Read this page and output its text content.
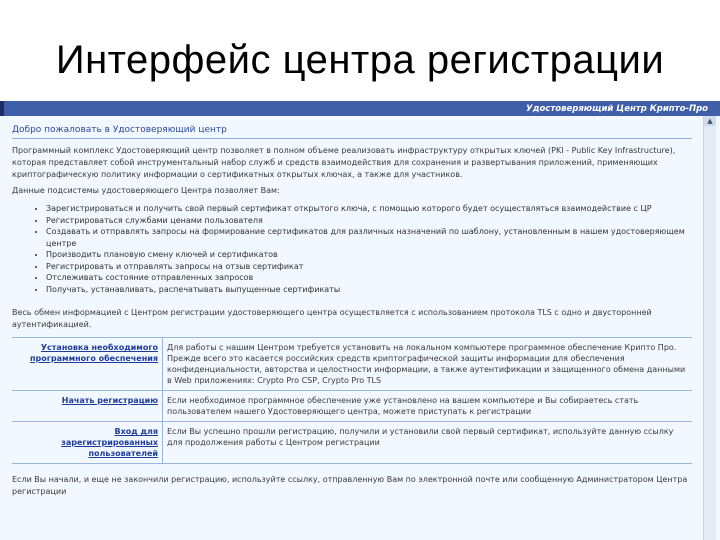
Интерфейс центра регистрации
Удостоверяющий Центр Крипто-Про
Добро пожаловать в Удостоверяющий центр

Программный комплекс Удостоверяющий центр позволяет в полном объеме реализовать инфраструктуру открытых ключей (PKI - Public Key Infrastructure), которая представляет собой инструментальный набор служб и средств взаимодействия для сохранения и развертывания приложений, применяющих криптографическую политику информации о сертификатных открытых ключах, а также для участников.

Данные подсистемы удостоверяющего Центра позволяет Вам:

• Зарегистрироваться и получить свой первый сертификат открытого ключа, с помощью которого будет осуществляться взаимодействие с ЦР
• Регистрироваться службами ценами пользователя
• Создавать и отправлять запросы на формирование сертификатов для различных назначений по шаблону, установленным в нашем удостоверяющем центре
• Производить плановую смену ключей и сертификатов
• Регистрировать и отправлять запросы на отзыв сертификат
• Отслеживать состояние отправленных запросов
• Получать, устанавливать, распечатывать выпущенные сертификаты

Весь обмен информацией с Центром регистрации удостоверяющего центра осуществляется с использованием протокола TLS с одно и двусторонней аутентификацией.

Установка необходимого программного обеспечения	Для работы с нашим Центром требуется установить на локальном компьютере программное обеспечение Крипто Про. Прежде всего это касается российских средств криптографической защиты информации для обеспечения конфиденциальности, авторства и целостности информации, а также аутентификации и защищенного обмена данными в Web приложениях: Crypto Pro CSP, Crypto Pro TLS
Начать регистрацию	Если необходимое программное обеспечение уже установлено на вашем компьютере и Вы собираетесь стать пользователем нашего Удостоверяющего центра, можете приступать к регистрации
Вход для зарегистрированных пользователей	Если Вы успешно прошли регистрацию, получили и установили свой первый сертификат, используйте данную ссылку для продолжения работы с Центром регистрации

Если Вы начали, и еще не закончили регистрацию, используйте ссылку, отправленную Вам по электронной почте или сообщенную Администратором Центра регистрации

▲
